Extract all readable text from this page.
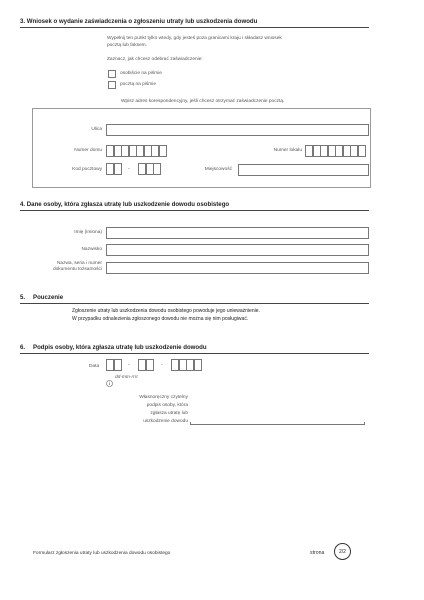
3. Wniosek o wydanie zaświadczenia o zgłoszeniu utraty lub uszkodzenia dowodu
Wypełnij ten punkt tylko wtedy, gdy jesteś poza granicami kraju i składasz wniosek
pocztą lub faksem.
Zaznacz, jak chcesz odebrać zaświadczenie:
osobiście na piśmie
pocztą na piśmie
Wpisz adres korespondencyjny, jeśli chcesz otrzymać zaświadczenie pocztą.
Ulica
Numer domu	Numer lokalu
Kod pocztowy	-	Miejscowość
4. Dane osoby, która zgłasza utratę lub uszkodzenie dowodu osobistego
Imię (imiona)
Nazwisko
Nazwa, seria i numer
dokumentu tożsamości
5. Pouczenie
Zgłoszenie utraty lub uszkodzenia dowodu osobistego powoduje jego unieważnienie.
W przypadku odnalezienia zgłoszonego dowodu nie można się nim posługiwać.
6. Podpis osoby, która zgłasza utratę lub uszkodzenie dowodu
Data	-	-
dd-mm-rrrr
Własnoręczny czytelny
podpis osoby, która
zgłasza utratę lub
uszkodzenie dowodu
Formularz zgłoszenia utraty lub uszkodzenia dowodu osobistego	strona	2/2
